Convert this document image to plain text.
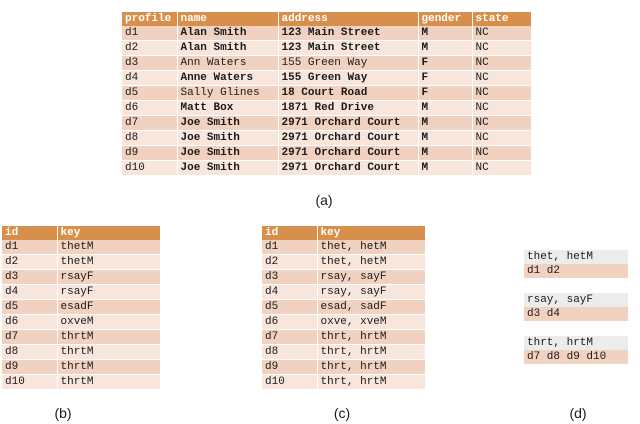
profile	name	address	gender	state
d1	Alan Smith	123 Main Street	M	NC
d2	Alan Smith	123 Main Street	M	NC
d3	Ann Waters	155 Green Way	F	NC
d4	Anne Waters	155 Green Way	F	NC
d5	Sally Glines	18 Court Road	F	NC
d6	Matt Box	1871 Red Drive	M	NC
d7	Joe Smith	2971 Orchard Court	M	NC
d8	Joe Smith	2971 Orchard Court	M	NC
d9	Joe Smith	2971 Orchard Court	M	NC
d10	Joe Smith	2971 Orchard Court	M	NC
(a)
id	key
d1	thetM
d2	thetM
d3	rsayF
d4	rsayF
d5	esadF
d6	oxveM
d7	thrtM
d8	thrtM
d9	thrtM
d10	thrtM
(b)
id	key
d1	thet, hetM
d2	thet, hetM
d3	rsay, sayF
d4	rsay, sayF
d5	esad, sadF
d6	oxve, xveM
d7	thrt, hrtM
d8	thrt, hrtM
d9	thrt, hrtM
d10	thrt, hrtM
(c)
thet, hetM
d1 d2
rsay, sayF
d3 d4
thrt, hrtM
d7 d8 d9 d10
(d)
